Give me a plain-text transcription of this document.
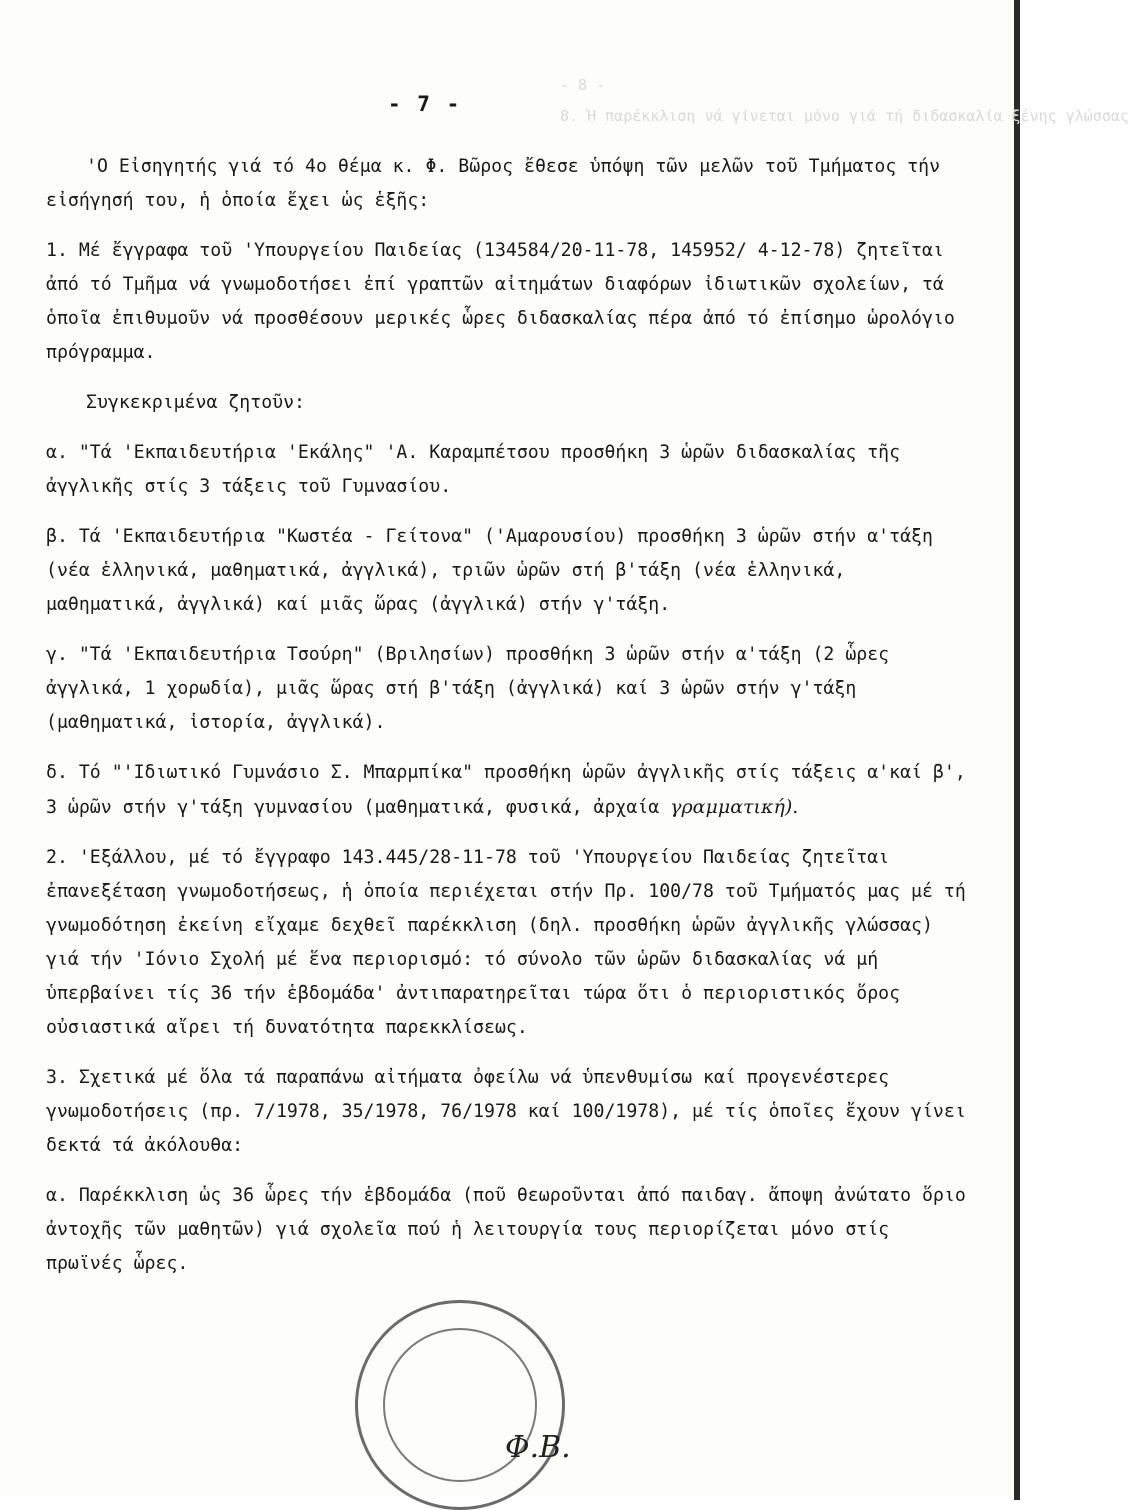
- 8 -
8. Ἡ παρέκκλιση νά γίνεται μόνο γιά τή διδασκαλία ξένης γλώσσας
- 7 -

'Ο Εἰσηγητής γιά τό 4ο θέμα κ. Φ. Βῶρος ἔθεσε ὑπόψη τῶν μελῶν τοῦ Τμήματος τήν εἰσήγησή του, ἡ ὁποία ἔχει ὡς ἑξῆς:

1. Μέ ἔγγραφα τοῦ 'Υπουργείου Παιδείας (134584/20-11-78, 145952/ 4-12-78) ζητεῖται ἀπό τό Τμῆμα νά γνωμοδοτήσει ἐπί γραπτῶν αἰτημάτων διαφόρων ἰδιωτικῶν σχολείων, τά ὁποῖα ἐπιθυμοῦν νά προσθέσουν μερικές ὧρες διδασκαλίας πέρα ἀπό τό ἐπίσημο ὡρολόγιο πρόγραμμα.

Συγκεκριμένα ζητοῦν:

α. "Τά 'Εκπαιδευτήρια 'Εκάλης" 'Α. Καραμπέτσου προσθήκη 3 ὡρῶν διδασκαλίας τῆς ἀγγλικῆς στίς 3 τάξεις τοῦ Γυμνασίου.

β. Τά 'Εκπαιδευτήρια "Κωστέα - Γείτονα" ('Αμαρουσίου) προσθήκη 3 ὡρῶν στήν α'τάξη (νέα ἑλληνικά, μαθηματικά, ἀγγλικά), τριῶν ὡρῶν στή β'τάξη (νέα ἑλληνικά, μαθηματικά, ἀγγλικά) καί μιᾶς ὥρας (ἀγγλικά) στήν γ'τάξη.

γ. "Τά 'Εκπαιδευτήρια Τσούρη" (Βριλησίων) προσθήκη 3 ὡρῶν στήν α'τάξη (2 ὧρες ἀγγλικά, 1 χορωδία), μιᾶς ὥρας στή β'τάξη (ἀγγλικά) καί 3 ὡρῶν στήν γ'τάξη (μαθηματικά, ἱστορία, ἀγγλικά).

δ. Τό "'Ιδιωτικό Γυμνάσιο Σ. Μπαρμπίκα" προσθήκη ὡρῶν ἀγγλικῆς στίς τάξεις α'καί β', 3 ὡρῶν στήν γ'τάξη γυμνασίου (μαθηματικά, φυσικά, ἀρχαία γραμματική).

2. 'Εξάλλου, μέ τό ἔγγραφο 143.445/28-11-78 τοῦ 'Υπουργείου Παιδείας ζητεῖται ἐπανεξέταση γνωμοδοτήσεως, ἡ ὁποία περιέχεται στήν Πρ. 100/78 τοῦ Τμήματός μας μέ τή γνωμοδότηση ἐκείνη εἴχαμε δεχθεῖ παρέκκλιση (δηλ. προσθήκη ὡρῶν ἀγγλικῆς γλώσσας) γιά τήν 'Ιόνιο Σχολή μέ ἕνα περιορισμό: τό σύνολο τῶν ὡρῶν διδασκαλίας νά μή ὑπερβαίνει τίς 36 τήν ἑβδομάδα' ἀντιπαρατηρεῖται τώρα ὅτι ὁ περιοριστικός ὅρος οὐσιαστικά αἴρει τή δυνατότητα παρεκκλίσεως.

3. Σχετικά μέ ὅλα τά παραπάνω αἰτήματα ὀφείλω νά ὑπενθυμίσω καί προγενέστερες γνωμοδοτήσεις (πρ. 7/1978, 35/1978, 76/1978 καί 100/1978), μέ τίς ὁποῖες ἔχουν γίνει δεκτά τά ἀκόλουθα:

α. Παρέκκλιση ὡς 36 ὧρες τήν ἑβδομάδα (ποῦ θεωροῦνται ἀπό παιδαγ. ἄποψη ἀνώτατο ὅριο ἀντοχῆς τῶν μαθητῶν) γιά σχολεῖα πού ἡ λειτουργία τους περιορίζεται μόνο στίς πρωϊνές ὧρες.

Φ.Β.
